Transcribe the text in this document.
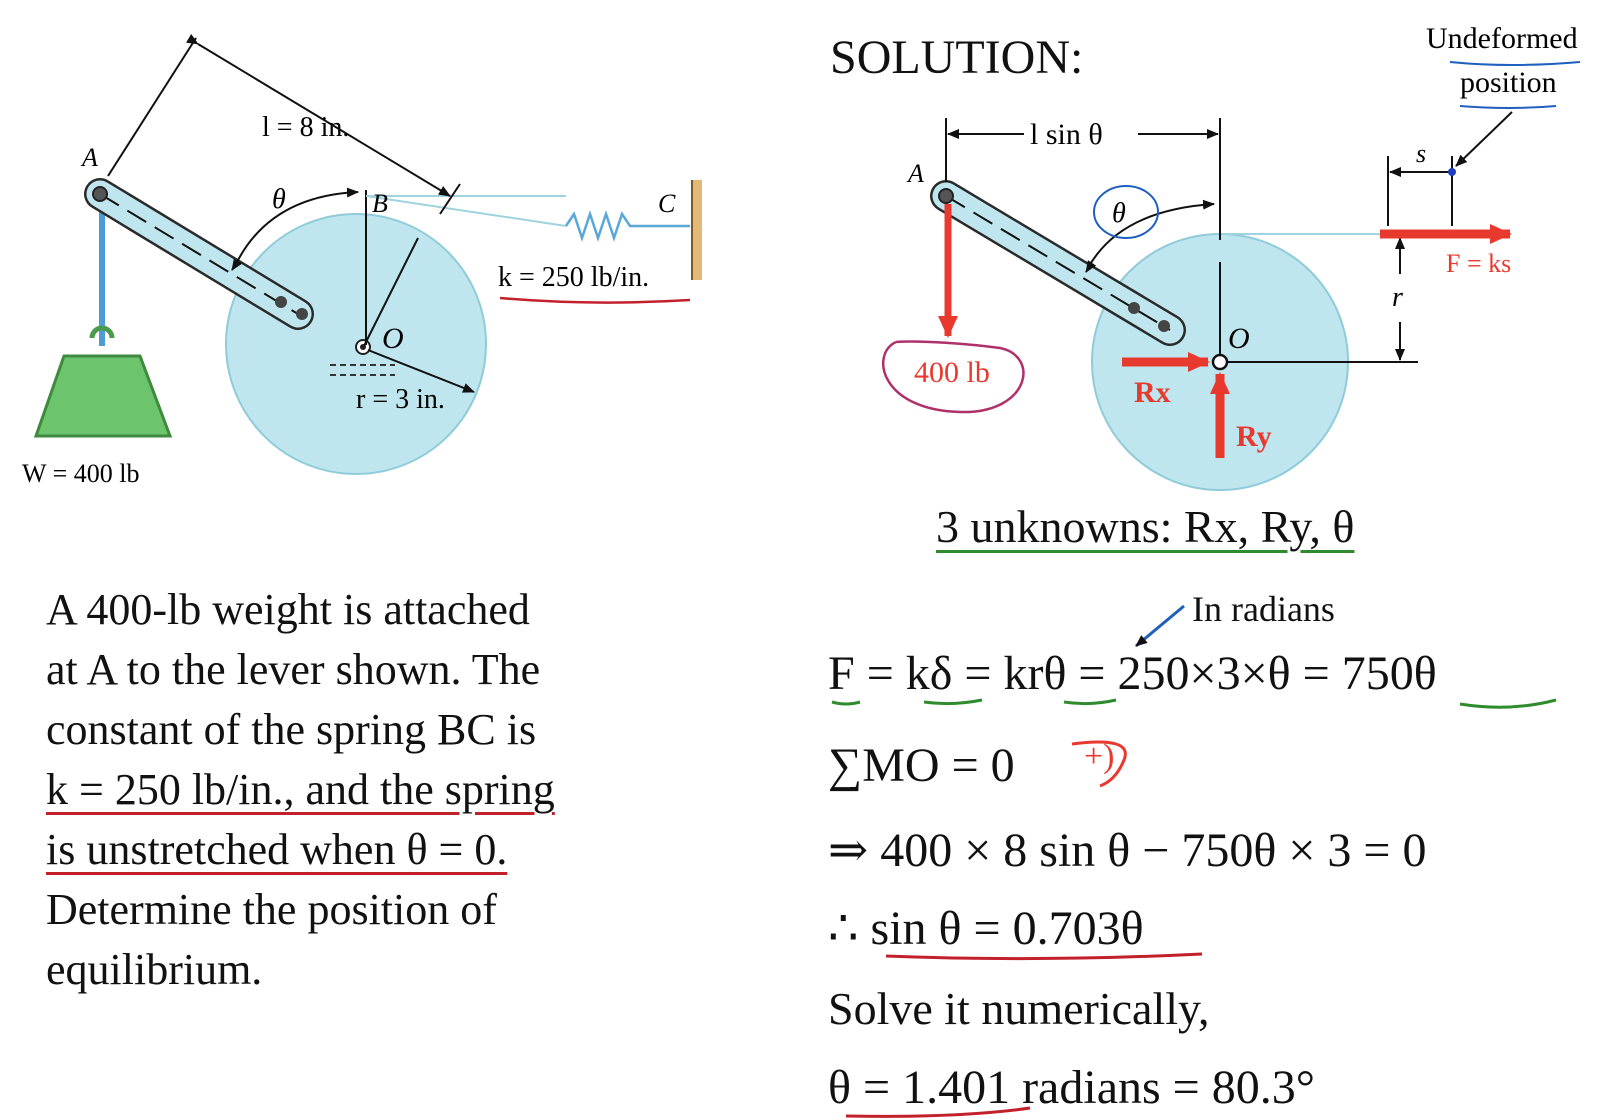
A
θ	B	C
O
l = 8 in.
k = 250 lb/in.
r = 3 in.
W = 400 lb
A
θ
O
l sin θ
s
r
Undeformed
position
F = ks
400 lb
Rx
Ry
A 400-lb weight is attached
at A to the lever shown. The
constant of the spring BC is
k = 250 lb/in., and the spring
is unstretched when θ = 0.
Determine the position of
equilibrium.
SOLUTION:
3 unknowns: Rx, Ry, θ
In radians
F = kδ = krθ = 250×3×θ = 750θ
∑MO = 0 +)
⇒ 400 × 8 sin θ − 750θ × 3 = 0
∴ sin θ = 0.703θ
Solve it numerically,
θ = 1.401 radians = 80.3°
